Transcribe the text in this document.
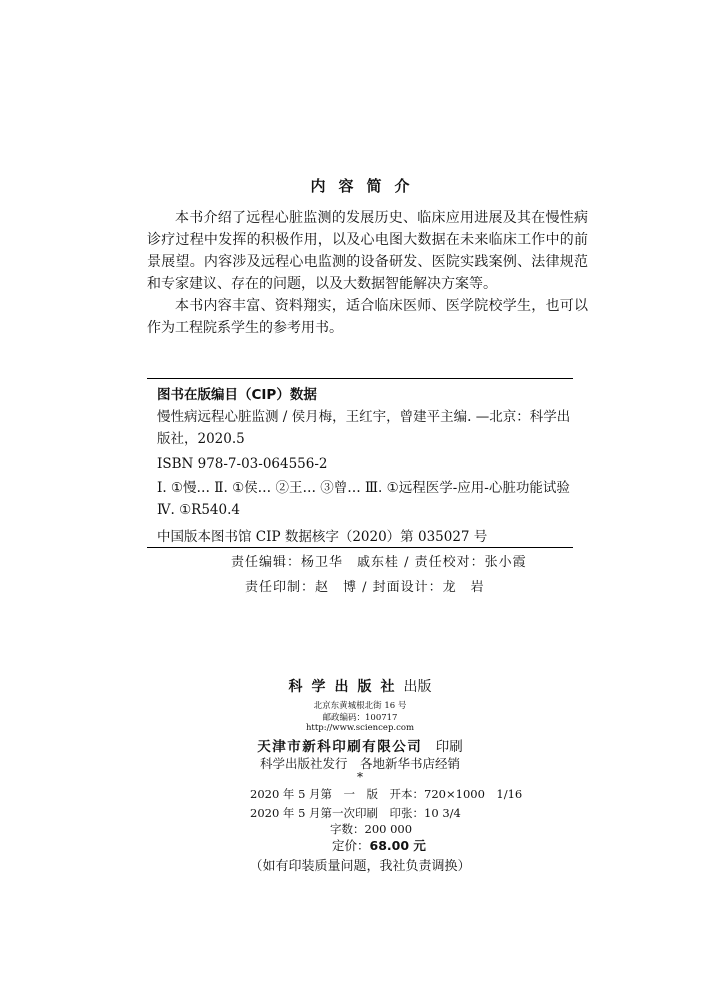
内容简介

本书介绍了远程心脏监测的发展历史、临床应用进展及其在慢性病诊疗过程中发挥的积极作用，以及心电图大数据在未来临床工作中的前景展望。内容涉及远程心电监测的设备研发、医院实践案例、法律规范和专家建议、存在的问题，以及大数据智能解决方案等。

本书内容丰富、资料翔实，适合临床医师、医学院校学生，也可以作为工程院系学生的参考用书。

图书在版编目（CIP）数据
慢性病远程心脏监测 / 侯月梅，王红宇，曾建平主编. —北京：科学出版社，2020.5
ISBN 978-7-03-064556-2
Ⅰ. ①慢… Ⅱ. ①侯… ②王… ③曾… Ⅲ. ①远程医学-应用-心脏功能试验 Ⅳ. ①R540.4
中国版本图书馆 CIP 数据核字（2020）第 035027 号
责任编辑：杨卫华　戚东桂 / 责任校对：张小霞
责任印制：赵　博 / 封面设计：龙　岩
科学出版社出版
北京东黄城根北街 16 号
邮政编码：100717
http://www.sciencep.com
天津市新科印刷有限公司　 印刷
科学出版社发行　各地新华书店经销
*
2020 年 5 月第　一　版　开本：720×1000　1/16
2020 年 5 月第一次印刷　印张：10 3/4
字数：200 000
定价：68.00 元
（如有印装质量问题，我社负责调换）
